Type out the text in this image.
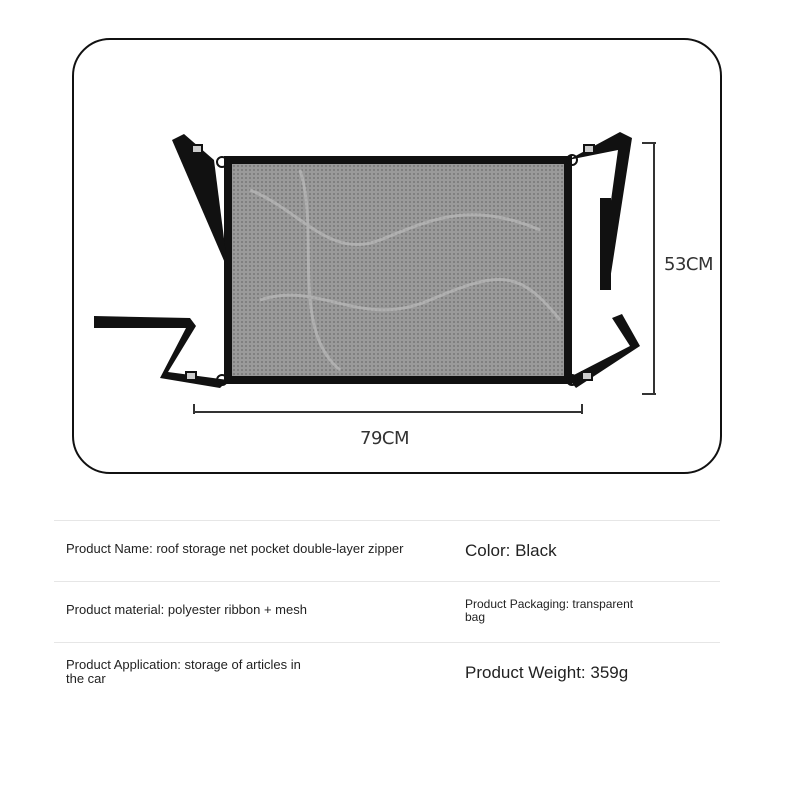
79CM
53CM
Product Name: roof storage net pocket double-layer zipper	Color: Black
Product material: polyester ribbon + mesh	Product Packaging: transparent bag
Product Application: storage of articles in the car	Product Weight: 359g
